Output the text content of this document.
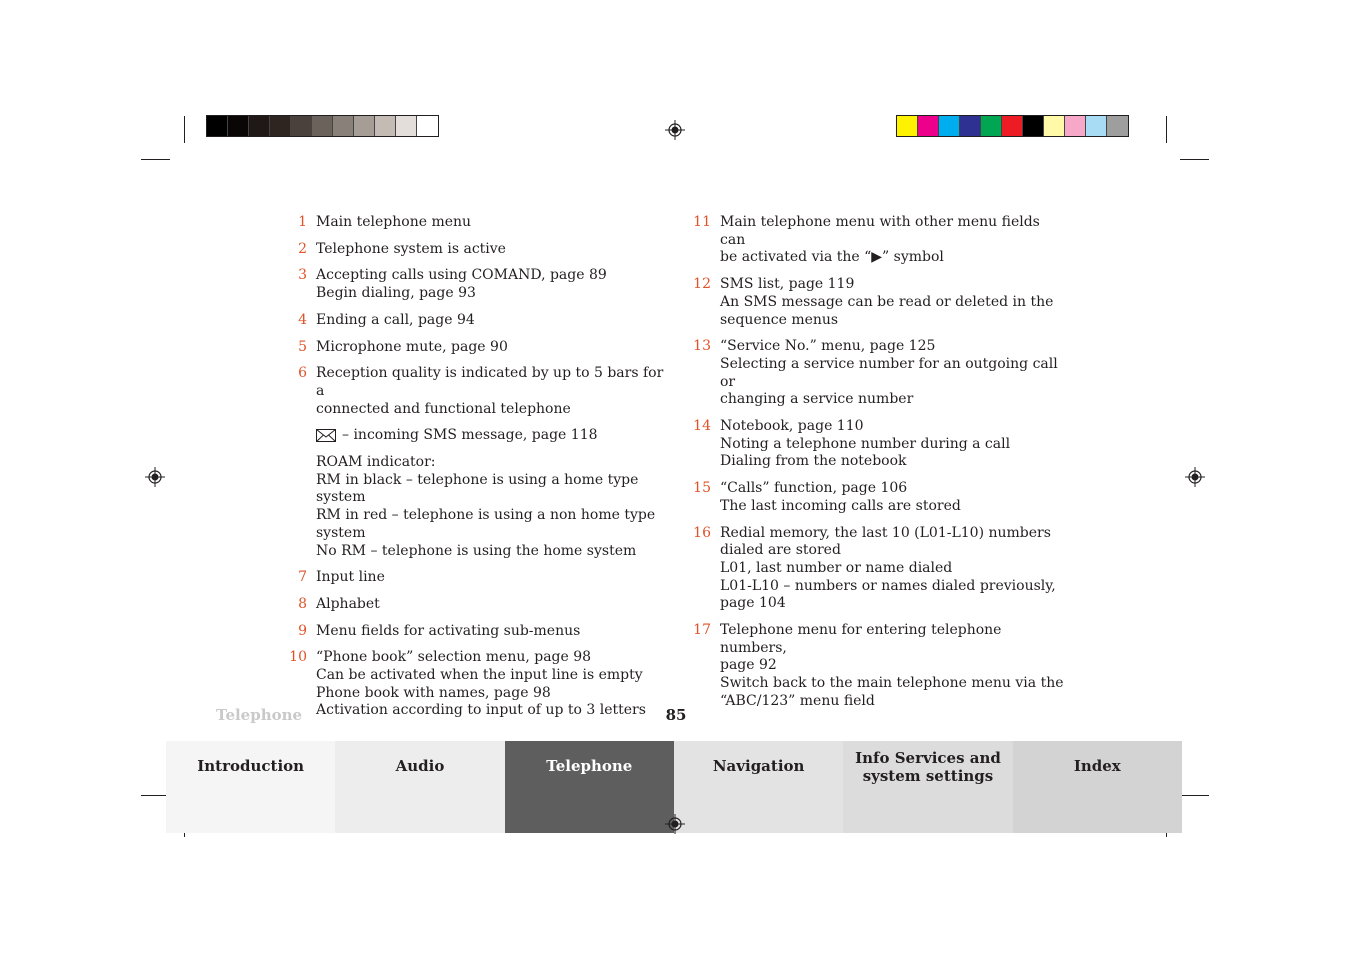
1 Main telephone menu
2 Telephone system is active
3 Accepting calls using COMAND, page 89
Begin dialing, page 93
4 Ending a call, page 94
5 Microphone mute, page 90
6 Reception quality is indicated by up to 5 bars for a
connected and functional telephone
– incoming SMS message, page 118
ROAM indicator:
RM in black – telephone is using a home type system
RM in red – telephone is using a non home type
system
No RM – telephone is using the home system
7 Input line
8 Alphabet
9 Menu fields for activating sub-menus
10 “Phone book” selection menu, page 98
Can be activated when the input line is empty
Phone book with names, page 98
Activation according to input of up to 3 letters
11 Main telephone menu with other menu fields can
be activated via the “▶” symbol
12 SMS list, page 119
An SMS message can be read or deleted in the
sequence menus
13 “Service No.” menu, page 125
Selecting a service number for an outgoing call or
changing a service number
14 Notebook, page 110
Noting a telephone number during a call
Dialing from the notebook
15 “Calls” function, page 106
The last incoming calls are stored
16 Redial memory, the last 10 (L01-L10) numbers
dialed are stored
L01, last number or name dialed
L01-L10 – numbers or names dialed previously,
page 104
17 Telephone menu for entering telephone numbers,
page 92
Switch back to the main telephone menu via the
“ABC/123” menu field
Telephone	85
Introduction	Audio	Telephone	Navigation	Info Services and
system settings
Index
